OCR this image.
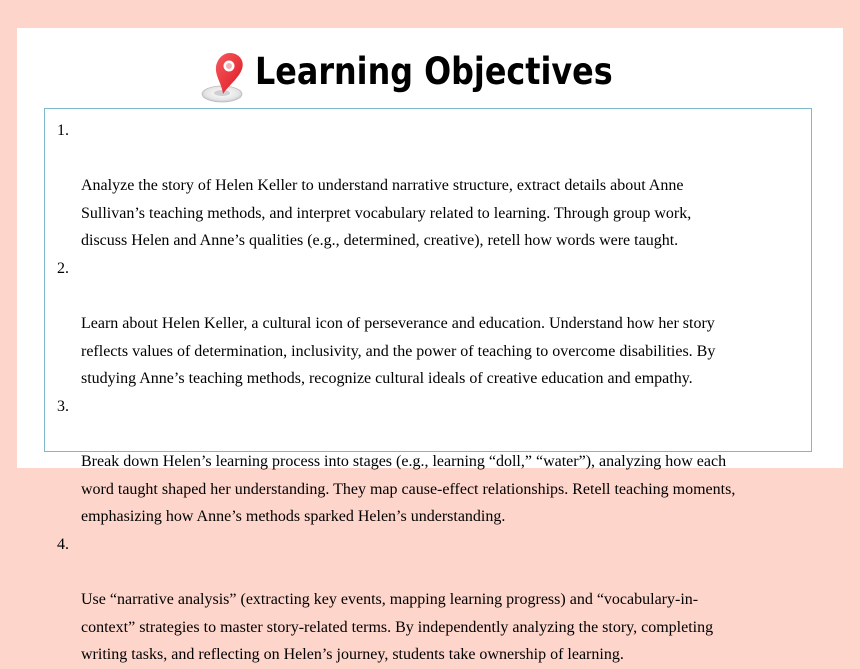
Learning Objectives

1.

Analyze the story of Helen Keller to understand narrative structure, extract details about Anne
Sullivan’s teaching methods, and interpret vocabulary related to learning. Through group work,
discuss Helen and Anne’s qualities (e.g., determined, creative), retell how words were taught.

2.

Learn about Helen Keller, a cultural icon of perseverance and education. Understand how her story
reflects values of determination, inclusivity, and the power of teaching to overcome disabilities. By
studying Anne’s teaching methods, recognize cultural ideals of creative education and empathy.

3.

Break down Helen’s learning process into stages (e.g., learning “doll,” “water”), analyzing how each
word taught shaped her understanding. They map cause-effect relationships. Retell teaching moments,
emphasizing how Anne’s methods sparked Helen’s understanding.

4.

Use “narrative analysis” (extracting key events, mapping learning progress) and “vocabulary-in-
context” strategies to master story-related terms. By independently analyzing the story, completing
writing tasks, and reflecting on Helen’s journey, students take ownership of learning.
